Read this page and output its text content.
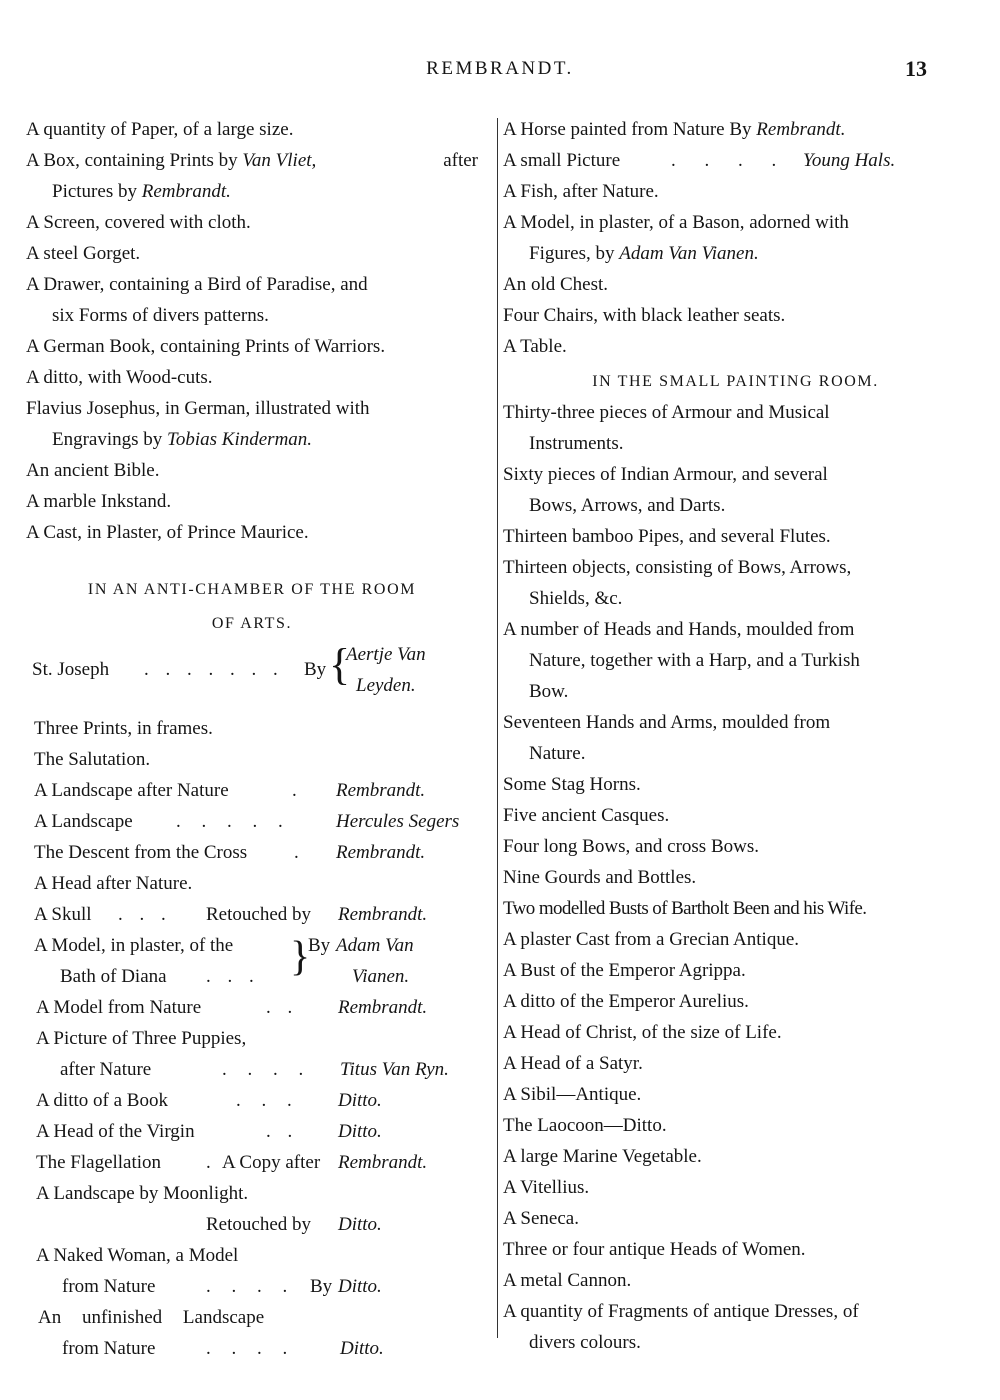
REMBRANDT.	13
A quantity of Paper, of a large size.
A Box, containing Prints by Van Vliet,	after
Pictures by Rembrandt.
A Screen, covered with cloth.
A steel Gorget.
A Drawer, containing a Bird of Paradise, and
six Forms of divers patterns.
A German Book, containing Prints of Warriors.
A ditto, with Wood-cuts.
Flavius Josephus, in German, illustrated with
Engravings by Tobias Kinderman.
An ancient Bible.
A marble Inkstand.
A Cast, in Plaster, of Prince Maurice.
IN AN ANTI-CHAMBER OF THE ROOM
OF ARTS.
St. Joseph . . . . . . . By {
Aertje Van
Leyden.
Three Prints, in frames.
The Salutation.
A Landscape after Nature	. Rembrandt.
A Landscape . . . . . Hercules Segers
The Descent from the Cross . Rembrandt.
A Head after Nature.
A Skull . . . Retouched by Rembrandt.
A Model, in plaster, of the
Bath of Diana . . . }
By Adam Van
Vianen.
A Model from Nature	. . Rembrandt.
A Picture of Three Puppies,
after Nature	. . . . Titus Van Ryn.
A ditto of a Book	. . . Ditto.
A Head of the Virgin	. . Ditto.
The Flagellation . A Copy after Rembrandt.
A Landscape by Moonlight.
Retouched by Ditto.
A Naked Woman, a Model
from Nature	. . . . By Ditto.
An unfinished Landscape
from Nature	. . . . Ditto.
A Horse painted from Nature By Rembrandt.
A small Picture	. . . . Young Hals.
A Fish, after Nature.
A Model, in plaster, of a Bason, adorned with
Figures, by Adam Van Vianen.
An old Chest.
Four Chairs, with black leather seats.
A Table.
IN THE SMALL PAINTING ROOM.
Thirty-three pieces of Armour and Musical
Instruments.
Sixty pieces of Indian Armour, and several
Bows, Arrows, and Darts.
Thirteen bamboo Pipes, and several Flutes.
Thirteen objects, consisting of Bows, Arrows,
Shields, &c.
A number of Heads and Hands, moulded from
Nature, together with a Harp, and a Turkish
Bow.
Seventeen Hands and Arms, moulded from
Nature.
Some Stag Horns.
Five ancient Casques.
Four long Bows, and cross Bows.
Nine Gourds and Bottles.
Two modelled Busts of Bartholt Been and his Wife.
A plaster Cast from a Grecian Antique.
A Bust of the Emperor Agrippa.
A ditto of the Emperor Aurelius.
A Head of Christ, of the size of Life.
A Head of a Satyr.
A Sibil—Antique.
The Laocoon—Ditto.
A large Marine Vegetable.
A Vitellius.
A Seneca.
Three or four antique Heads of Women.
A metal Cannon.
A quantity of Fragments of antique Dresses, of
divers colours.
